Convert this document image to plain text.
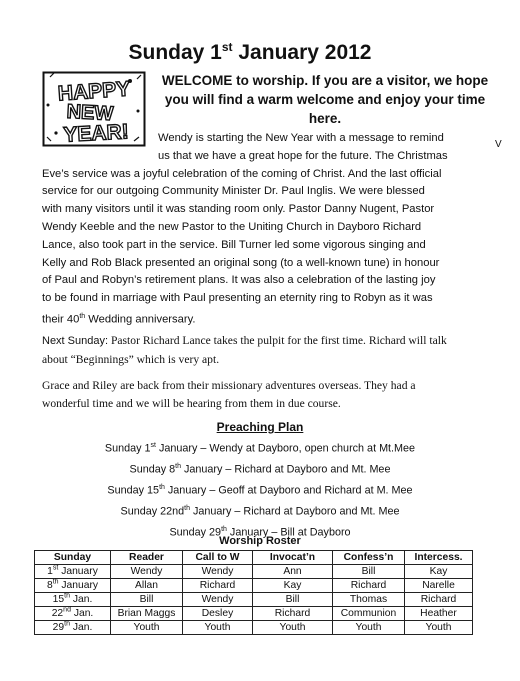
Sunday 1st January 2012
HAPPY
NEW
YEAR!

WELCOME to worship. If you are a visitor, we hope
you will find a warm welcome and enjoy your time
here.

Wendy is starting the New Year with a message to remind
us that we have a great hope for the future. The Christmas
Eve’s service was a joyful celebration of the coming of Christ. And the last official
service for our outgoing Community Minister Dr. Paul Inglis. We were blessed
with many visitors until it was standing room only. Pastor Danny Nugent, Pastor
Wendy Keeble and the new Pastor to the Uniting Church in Dayboro Richard
Lance, also took part in the service. Bill Turner led some vigorous singing and
Kelly and Rob Black presented an original song (to a well-known tune) in honour
of Paul and Robyn’s retirement plans. It was also a celebration of the lasting joy
to be found in marriage with Paul presenting an eternity ring to Robyn as it was
their 40th Wedding anniversary.

Next Sunday: Pastor Richard Lance takes the pulpit for the first time. Richard will talk
about “Beginnings” which is very apt.

Grace and Riley are back from their missionary adventures overseas. They had a
wonderful time and we will be hearing from them in due course.

Preaching Plan
Sunday 1st January – Wendy at Dayboro, open church at Mt.Mee
Sunday 8th January – Richard at Dayboro and Mt. Mee
Sunday 15th January – Geoff at Dayboro and Richard at M. Mee
Sunday $22nd^{th}$ January – Richard at Dayboro and Mt. Mee
Sunday 29th January – Bill at Dayboro
Worship Roster
Sunday	Reader	Call to W	Invocat’n	Confess’n	Intercess.
1st January	Wendy	Wendy	Ann	Bill	Kay
8th January	Allan	Richard	Kay	Richard	Narelle
15th Jan.	Bill	Wendy	Bill	Thomas	Richard
22nd Jan.	Brian Maggs	Desley	Richard	Communion	Heather
29th Jan.	Youth	Youth	Youth	Youth	Youth
V
